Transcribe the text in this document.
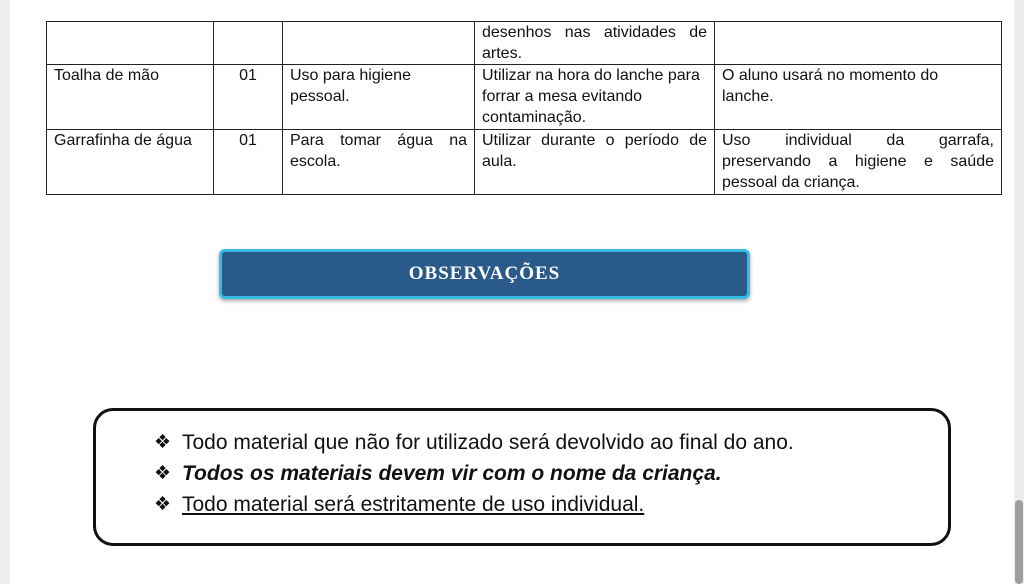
			desenhos nas atividades de artes.	
Toalha de mão	01	Uso para higiene pessoal.	Utilizar na hora do lanche para forrar a mesa evitando contaminação.	O aluno usará no momento do lanche.
Garrafinha de água	01	Para tomar água na escola.	Utilizar durante o período de aula.	Uso individual da garrafa, preservando a higiene e saúde pessoal da criança.
OBSERVAÇÕES
❖ Todo material que não for utilizado será devolvido ao final do ano.
❖ Todos os materiais devem vir com o nome da criança.
❖ Todo material será estritamente de uso individual.
